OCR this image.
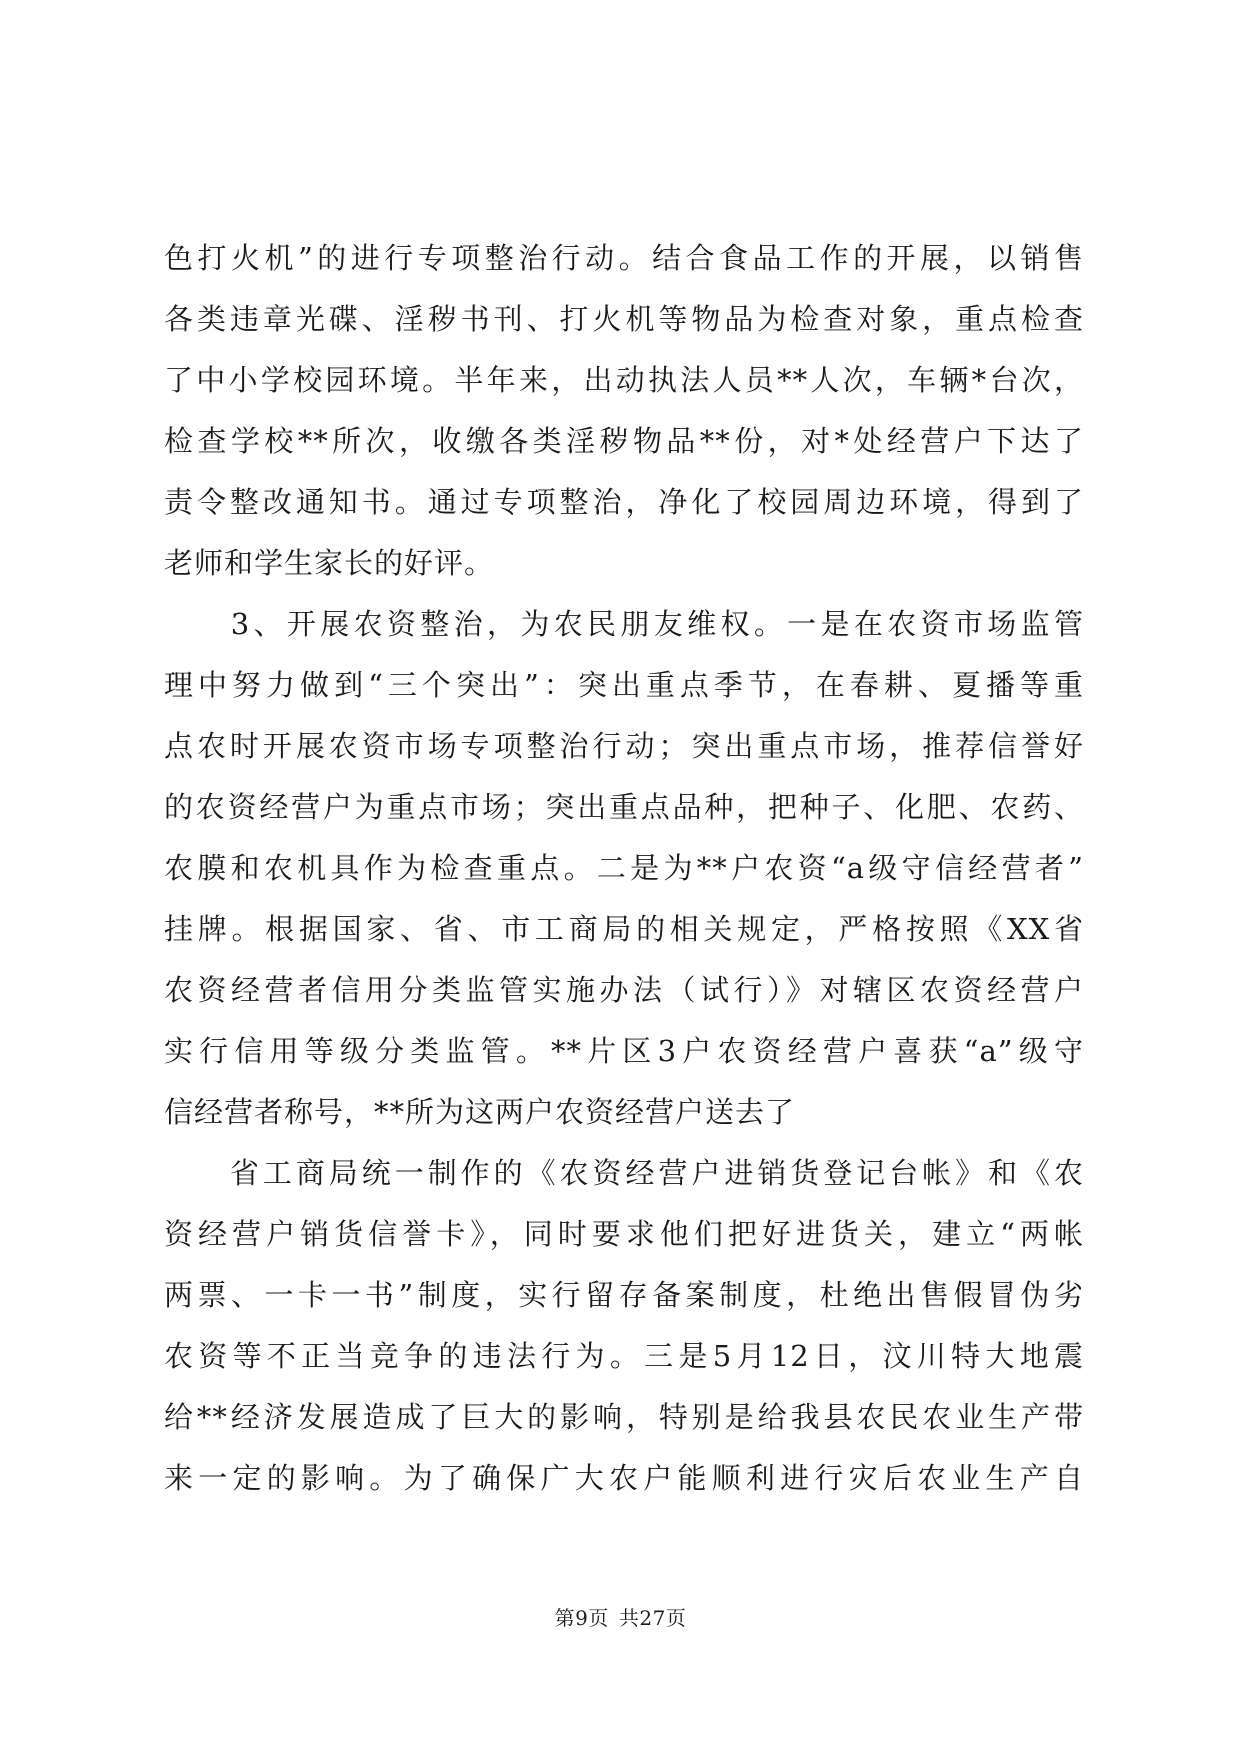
色打火机”的进行专项整治行动。结合食品工作的开展，以销售
各类违章光碟、淫秽书刊、打火机等物品为检查对象，重点检查
了中小学校园环境。半年来，出动执法人员**人次，车辆*台次，
检查学校**所次，收缴各类淫秽物品**份，对*处经营户下达了
责令整改通知书。通过专项整治，净化了校园周边环境，得到了
老师和学生家长的好评。
　　3、开展农资整治，为农民朋友维权。一是在农资市场监管
理中努力做到“三个突出”：突出重点季节，在春耕、夏播等重
点农时开展农资市场专项整治行动；突出重点市场，推荐信誉好
的农资经营户为重点市场；突出重点品种，把种子、化肥、农药、
农膜和农机具作为检查重点。二是为**户农资“a级守信经营者”
挂牌。根据国家、省、市工商局的相关规定，严格按照《XX省
农资经营者信用分类监管实施办法（试行）》对辖区农资经营户
实行信用等级分类监管。**片区3户农资经营户喜获“a”级守
信经营者称号，**所为这两户农资经营户送去了
　　省工商局统一制作的《农资经营户进销货登记台帐》和《农
资经营户销货信誉卡》，同时要求他们把好进货关，建立“两帐
两票、一卡一书”制度，实行留存备案制度，杜绝出售假冒伪劣
农资等不正当竞争的违法行为。三是5月12日，汶川特大地震
给**经济发展造成了巨大的影响，特别是给我县农民农业生产带
来一定的影响。为了确保广大农户能顺利进行灾后农业生产自
第9页 共27页
